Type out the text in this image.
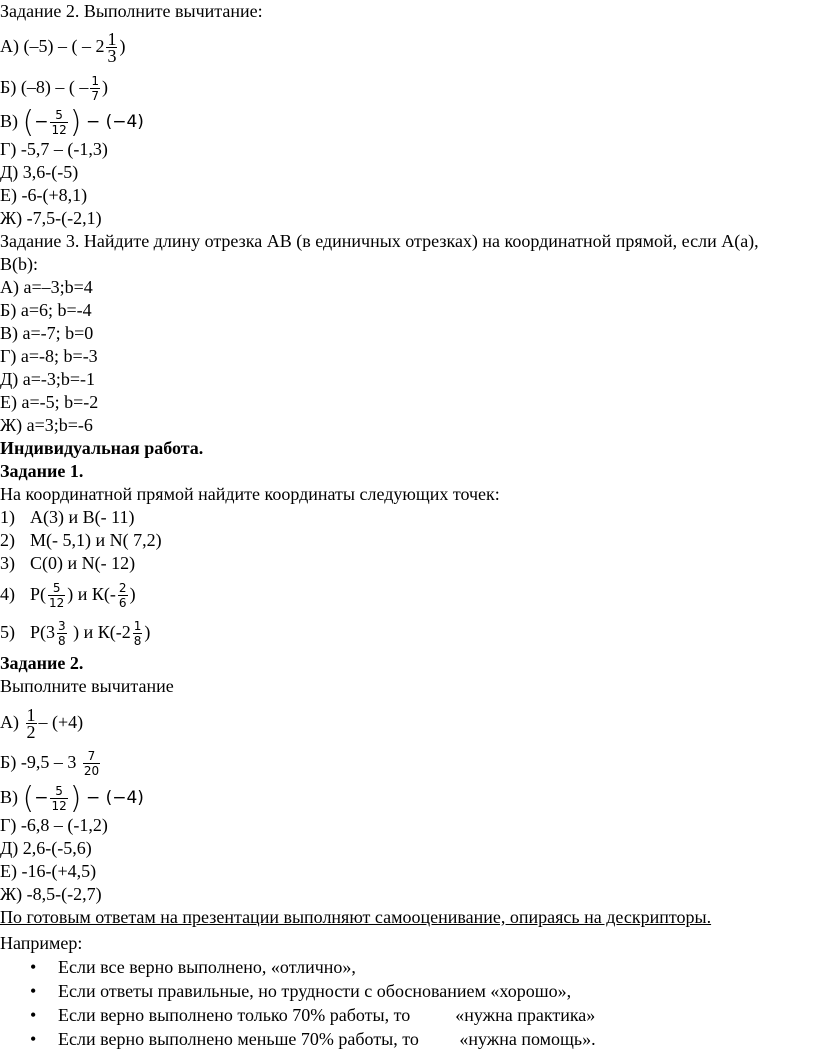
Задание 2. Выполните вычитание:
А) (–5) – ( – $2 \frac{1}{3}$ )
Б) (–8) – ( – $\frac{1}{7}$ )
В) (− $\frac{5}{12}$ ) − (−4)
Г) -5,7 – (-1,3)
Д) 3,6-(-5)
Е) -6-(+8,1)
Ж) -7,5-(-2,1)
Задание 3. Найдите длину отрезка АВ (в единичных отрезках) на координатной прямой, если А(а),
В(b):
А) а=–3;b=4
Б) а=6; b=-4
В) а=-7; b=0
Г) а=-8; b=-3
Д) а=-3;b=-1
Е) а=-5; b=-2
Ж) а=3;b=-6
Индивидуальная работа.
Задание 1.
На координатной прямой найдите координаты следующих точек:
1) А(3) и В(- 11)
2) М(- 5,1) и N( 7,2)
3) С(0) и N(- 12)
4) $Р( \frac{5}{12}$ ) и $К(- \frac{2}{6}$ )
5) $Р(3 \frac{3}{8}$ ) и $К(-2 \frac{1}{8}$ )
Задание 2.
Выполните вычитание
$А) \frac{1}{2} - (+4)$
Б) $-9,5 - 3 \frac{7}{20}$
В) (− $\frac{5}{12}$ ) − (−4)
Г) -6,8 – (-1,2)
Д) 2,6-(-5,6)
Е) -16-(+4,5)
Ж) -8,5-(-2,7)
По готовым ответам на презентации выполняют самооценивание, опираясь на дескрипторы.
Например:
• Если все верно выполнено, «отлично»,
• Если ответы правильные, но трудности с обоснованием «хорошо»,
• Если верно выполнено только 70% работы, то          «нужна практика»
• Если верно выполнено меньше 70% работы, то         «нужна помощь».
